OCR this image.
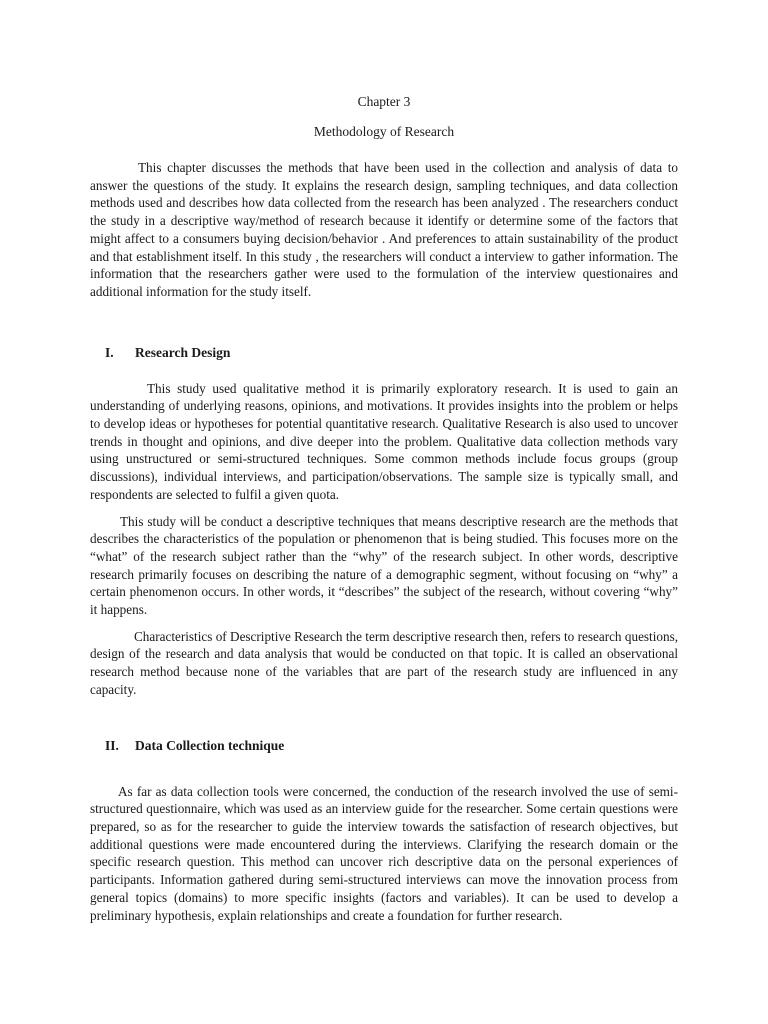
Chapter 3

Methodology of Research

This chapter discusses the methods that have been used in the collection and analysis of data to answer the questions of the study. It explains the research design, sampling techniques, and data collection methods used and describes how data collected from the research has been analyzed . The researchers conduct the study in a descriptive way/method of research because it identify or determine some of the factors that might affect to a consumers buying decision/behavior . And preferences to attain sustainability of the product and that establishment itself. In this study , the researchers will conduct a interview to gather information. The information that the researchers gather were used to the formulation of the interview questionaires and additional information for the study itself.

I.	Research Design

This study used qualitative method it is primarily exploratory research. It is used to gain an understanding of underlying reasons, opinions, and motivations. It provides insights into the problem or helps to develop ideas or hypotheses for potential quantitative research. Qualitative Research is also used to uncover trends in thought and opinions, and dive deeper into the problem. Qualitative data collection methods vary using unstructured or semi-structured techniques. Some common methods include focus groups (group discussions), individual interviews, and participation/observations. The sample size is typically small, and respondents are selected to fulfil a given quota.

This study will be conduct a descriptive techniques that means descriptive research are the methods that describes the characteristics of the population or phenomenon that is being studied. This focuses more on the “what” of the research subject rather than the “why” of the research subject. In other words, descriptive research primarily focuses on describing the nature of a demographic segment, without focusing on “why” a certain phenomenon occurs. In other words, it “describes” the subject of the research, without covering “why” it happens.

Characteristics of Descriptive Research the term descriptive research then, refers to research questions, design of the research and data analysis that would be conducted on that topic. It is called an observational research method because none of the variables that are part of the research study are influenced in any capacity.

II.	Data Collection technique

As far as data collection tools were concerned, the conduction of the research involved the use of semi-structured questionnaire, which was used as an interview guide for the researcher. Some certain questions were prepared, so as for the researcher to guide the interview towards the satisfaction of research objectives, but additional questions were made encountered during the interviews. Clarifying the research domain or the specific research question. This method can uncover rich descriptive data on the personal experiences of participants. Information gathered during semi-structured interviews can move the innovation process from general topics (domains) to more specific insights (factors and variables). It can be used to develop a preliminary hypothesis, explain relationships and create a foundation for further research.
